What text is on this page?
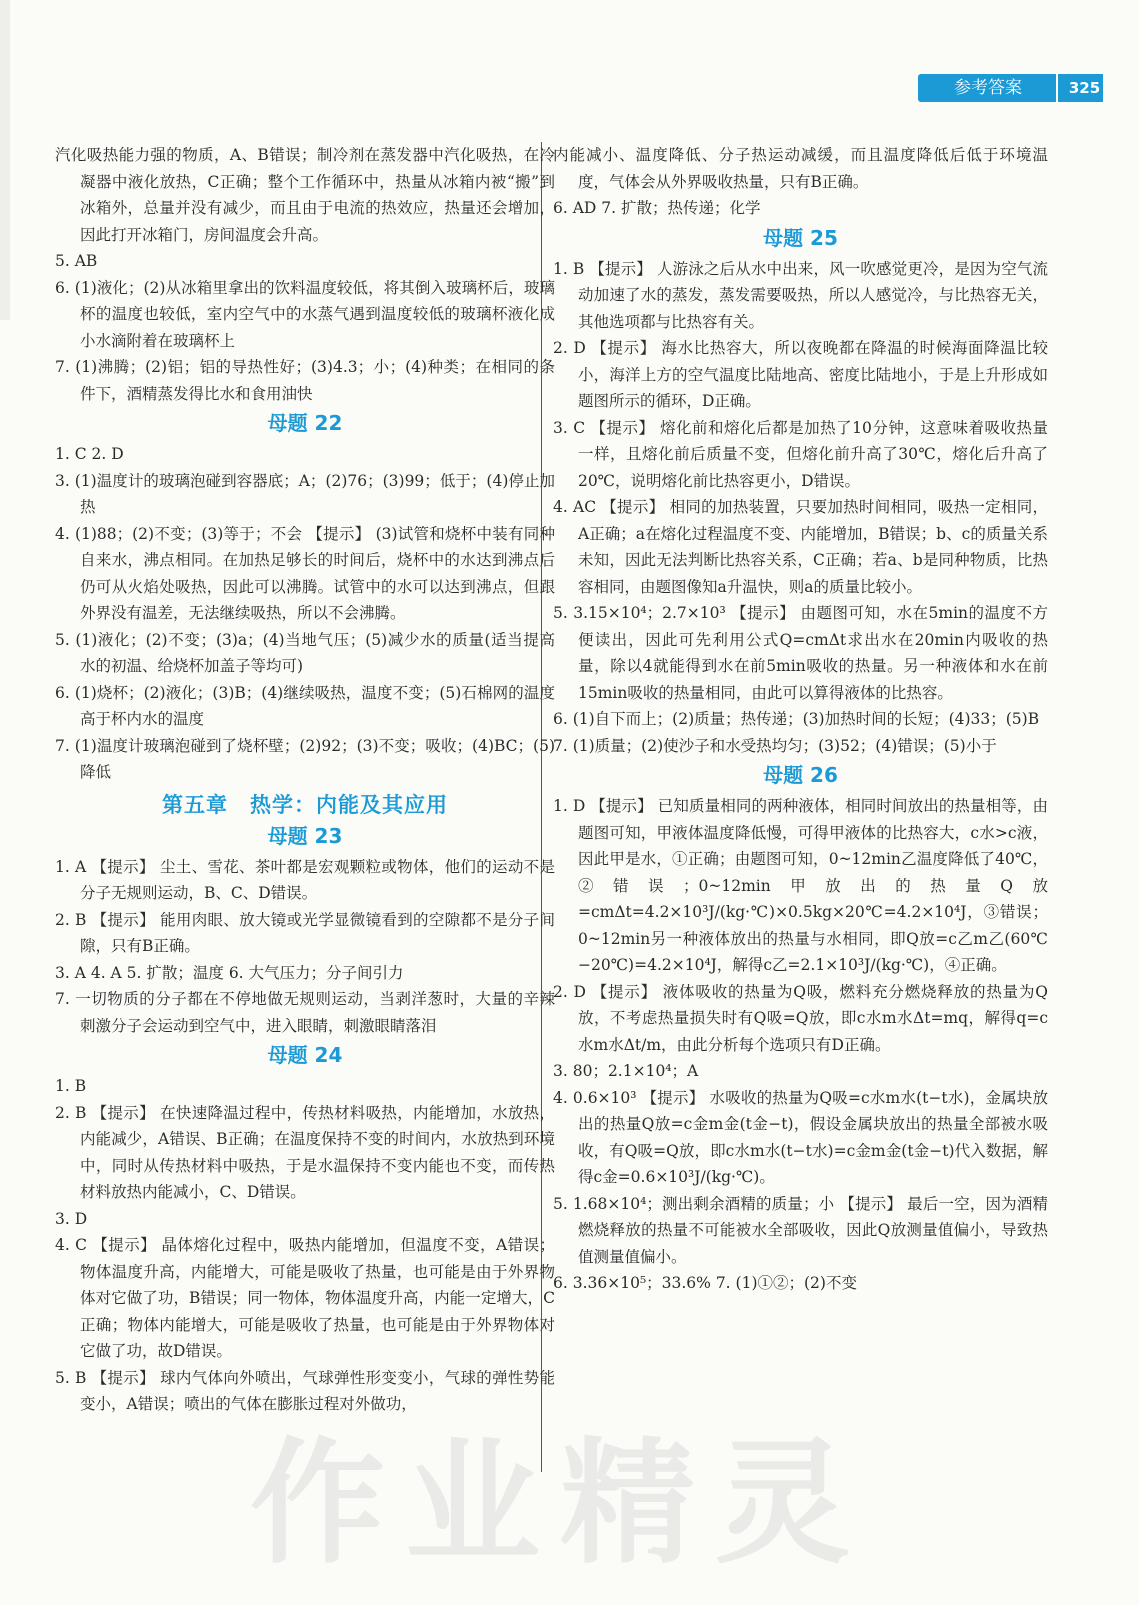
参考答案	325

汽化吸热能力强的物质，A、B错误；制冷剂在蒸发器中汽化吸热，在冷凝器中液化放热，C正确；整个工作循环中，热量从冰箱内被“搬”到冰箱外，总量并没有减少，而且由于电流的热效应，热量还会增加，因此打开冰箱门，房间温度会升高。

5. AB

6. (1)液化；(2)从冰箱里拿出的饮料温度较低，将其倒入玻璃杯后，玻璃杯的温度也较低，室内空气中的水蒸气遇到温度较低的玻璃杯液化成小水滴附着在玻璃杯上

7. (1)沸腾；(2)铝；铝的导热性好；(3)4.3；小；(4)种类；在相同的条件下，酒精蒸发得比水和食用油快

母题 22

1. C 2. D

3. (1)温度计的玻璃泡碰到容器底；A；(2)76；(3)99；低于；(4)停止加热

4. (1)88；(2)不变；(3)等于；不会 【提示】 (3)试管和烧杯中装有同种自来水，沸点相同。在加热足够长的时间后，烧杯中的水达到沸点后仍可从火焰处吸热，因此可以沸腾。试管中的水可以达到沸点，但跟外界没有温差，无法继续吸热，所以不会沸腾。

5. (1)液化；(2)不变；(3)a；(4)当地气压；(5)减少水的质量(适当提高水的初温、给烧杯加盖子等均可)

6. (1)烧杯；(2)液化；(3)B；(4)继续吸热，温度不变；(5)石棉网的温度高于杯内水的温度

7. (1)温度计玻璃泡碰到了烧杯壁；(2)92；(3)不变；吸收；(4)BC；(5)降低

第五章　热学：内能及其应用
母题 23

1. A 【提示】 尘土、雪花、茶叶都是宏观颗粒或物体，他们的运动不是分子无规则运动，B、C、D错误。

2. B 【提示】 能用肉眼、放大镜或光学显微镜看到的空隙都不是分子间隙，只有B正确。

3. A 4. A 5. 扩散；温度 6. 大气压力；分子间引力

7. 一切物质的分子都在不停地做无规则运动，当剥洋葱时，大量的辛辣刺激分子会运动到空气中，进入眼睛，刺激眼睛落泪

母题 24

1. B

2. B 【提示】 在快速降温过程中，传热材料吸热，内能增加，水放热，内能减少，A错误、B正确；在温度保持不变的时间内，水放热到环境中，同时从传热材料中吸热，于是水温保持不变内能也不变，而传热材料放热内能减小，C、D错误。

3. D

4. C 【提示】 晶体熔化过程中，吸热内能增加，但温度不变，A错误；物体温度升高，内能增大，可能是吸收了热量，也可能是由于外界物体对它做了功，B错误；同一物体，物体温度升高，内能一定增大，C正确；物体内能增大，可能是吸收了热量，也可能是由于外界物体对它做了功，故D错误。

5. B 【提示】 球内气体向外喷出，气球弹性形变变小，气球的弹性势能变小，A错误；喷出的气体在膨胀过程对外做功，

内能减小、温度降低、分子热运动减缓，而且温度降低后低于环境温度，气体会从外界吸收热量，只有B正确。

6. AD 7. 扩散；热传递；化学

母题 25

1. B 【提示】 人游泳之后从水中出来，风一吹感觉更冷，是因为空气流动加速了水的蒸发，蒸发需要吸热，所以人感觉冷，与比热容无关，其他选项都与比热容有关。

2. D 【提示】 海水比热容大，所以夜晚都在降温的时候海面降温比较小，海洋上方的空气温度比陆地高、密度比陆地小，于是上升形成如题图所示的循环，D正确。

3. C 【提示】 熔化前和熔化后都是加热了10分钟，这意味着吸收热量一样，且熔化前后质量不变，但熔化前升高了30℃，熔化后升高了20℃，说明熔化前比热容更小，D错误。

4. AC 【提示】 相同的加热装置，只要加热时间相同，吸热一定相同，A正确；a在熔化过程温度不变、内能增加，B错误；b、c的质量关系未知，因此无法判断比热容关系，C正确；若a、b是同种物质，比热容相同，由题图像知a升温快，则a的质量比较小。

5. 3.15×10⁴；2.7×10³ 【提示】 由题图可知，水在5min的温度不方便读出，因此可先利用公式Q=cmΔt求出水在20min内吸收的热量，除以4就能得到水在前5min吸收的热量。另一种液体和水在前15min吸收的热量相同，由此可以算得液体的比热容。

6. (1)自下而上；(2)质量；热传递；(3)加热时间的长短；(4)33；(5)B

7. (1)质量；(2)使沙子和水受热均匀；(3)52；(4)错误；(5)小于

母题 26

1. D 【提示】 已知质量相同的两种液体，相同时间放出的热量相等，由题图可知，甲液体温度降低慢，可得甲液体的比热容大，c水>c液，因此甲是水，①正确；由题图可知，0~12min乙温度降低了40℃，②错误；0~12min甲放出的热量Q放=cmΔt=4.2×10³J/(kg·℃)×0.5kg×20℃=4.2×10⁴J，③错误；0~12min另一种液体放出的热量与水相同，即Q放=c乙m乙(60℃−20℃)=4.2×10⁴J，解得c乙=2.1×10³J/(kg·℃)，④正确。

2. D 【提示】 液体吸收的热量为Q吸，燃料充分燃烧释放的热量为Q放，不考虑热量损失时有Q吸=Q放，即c水m水Δt=mq，解得q=c水m水Δt/m，由此分析每个选项只有D正确。

3. 80；2.1×10⁴；A

4. 0.6×10³ 【提示】 水吸收的热量为Q吸=c水m水(t−t水)，金属块放出的热量Q放=c金m金(t金−t)，假设金属块放出的热量全部被水吸收，有Q吸=Q放，即c水m水(t−t水)=c金m金(t金−t)代入数据，解得c金=0.6×10³J/(kg·℃)。

5. 1.68×10⁴；测出剩余酒精的质量；小 【提示】 最后一空，因为酒精燃烧释放的热量不可能被水全部吸收，因此Q放测量值偏小，导致热值测量值偏小。

6. 3.36×10⁵；33.6% 7. (1)①②；(2)不变

作业精灵
